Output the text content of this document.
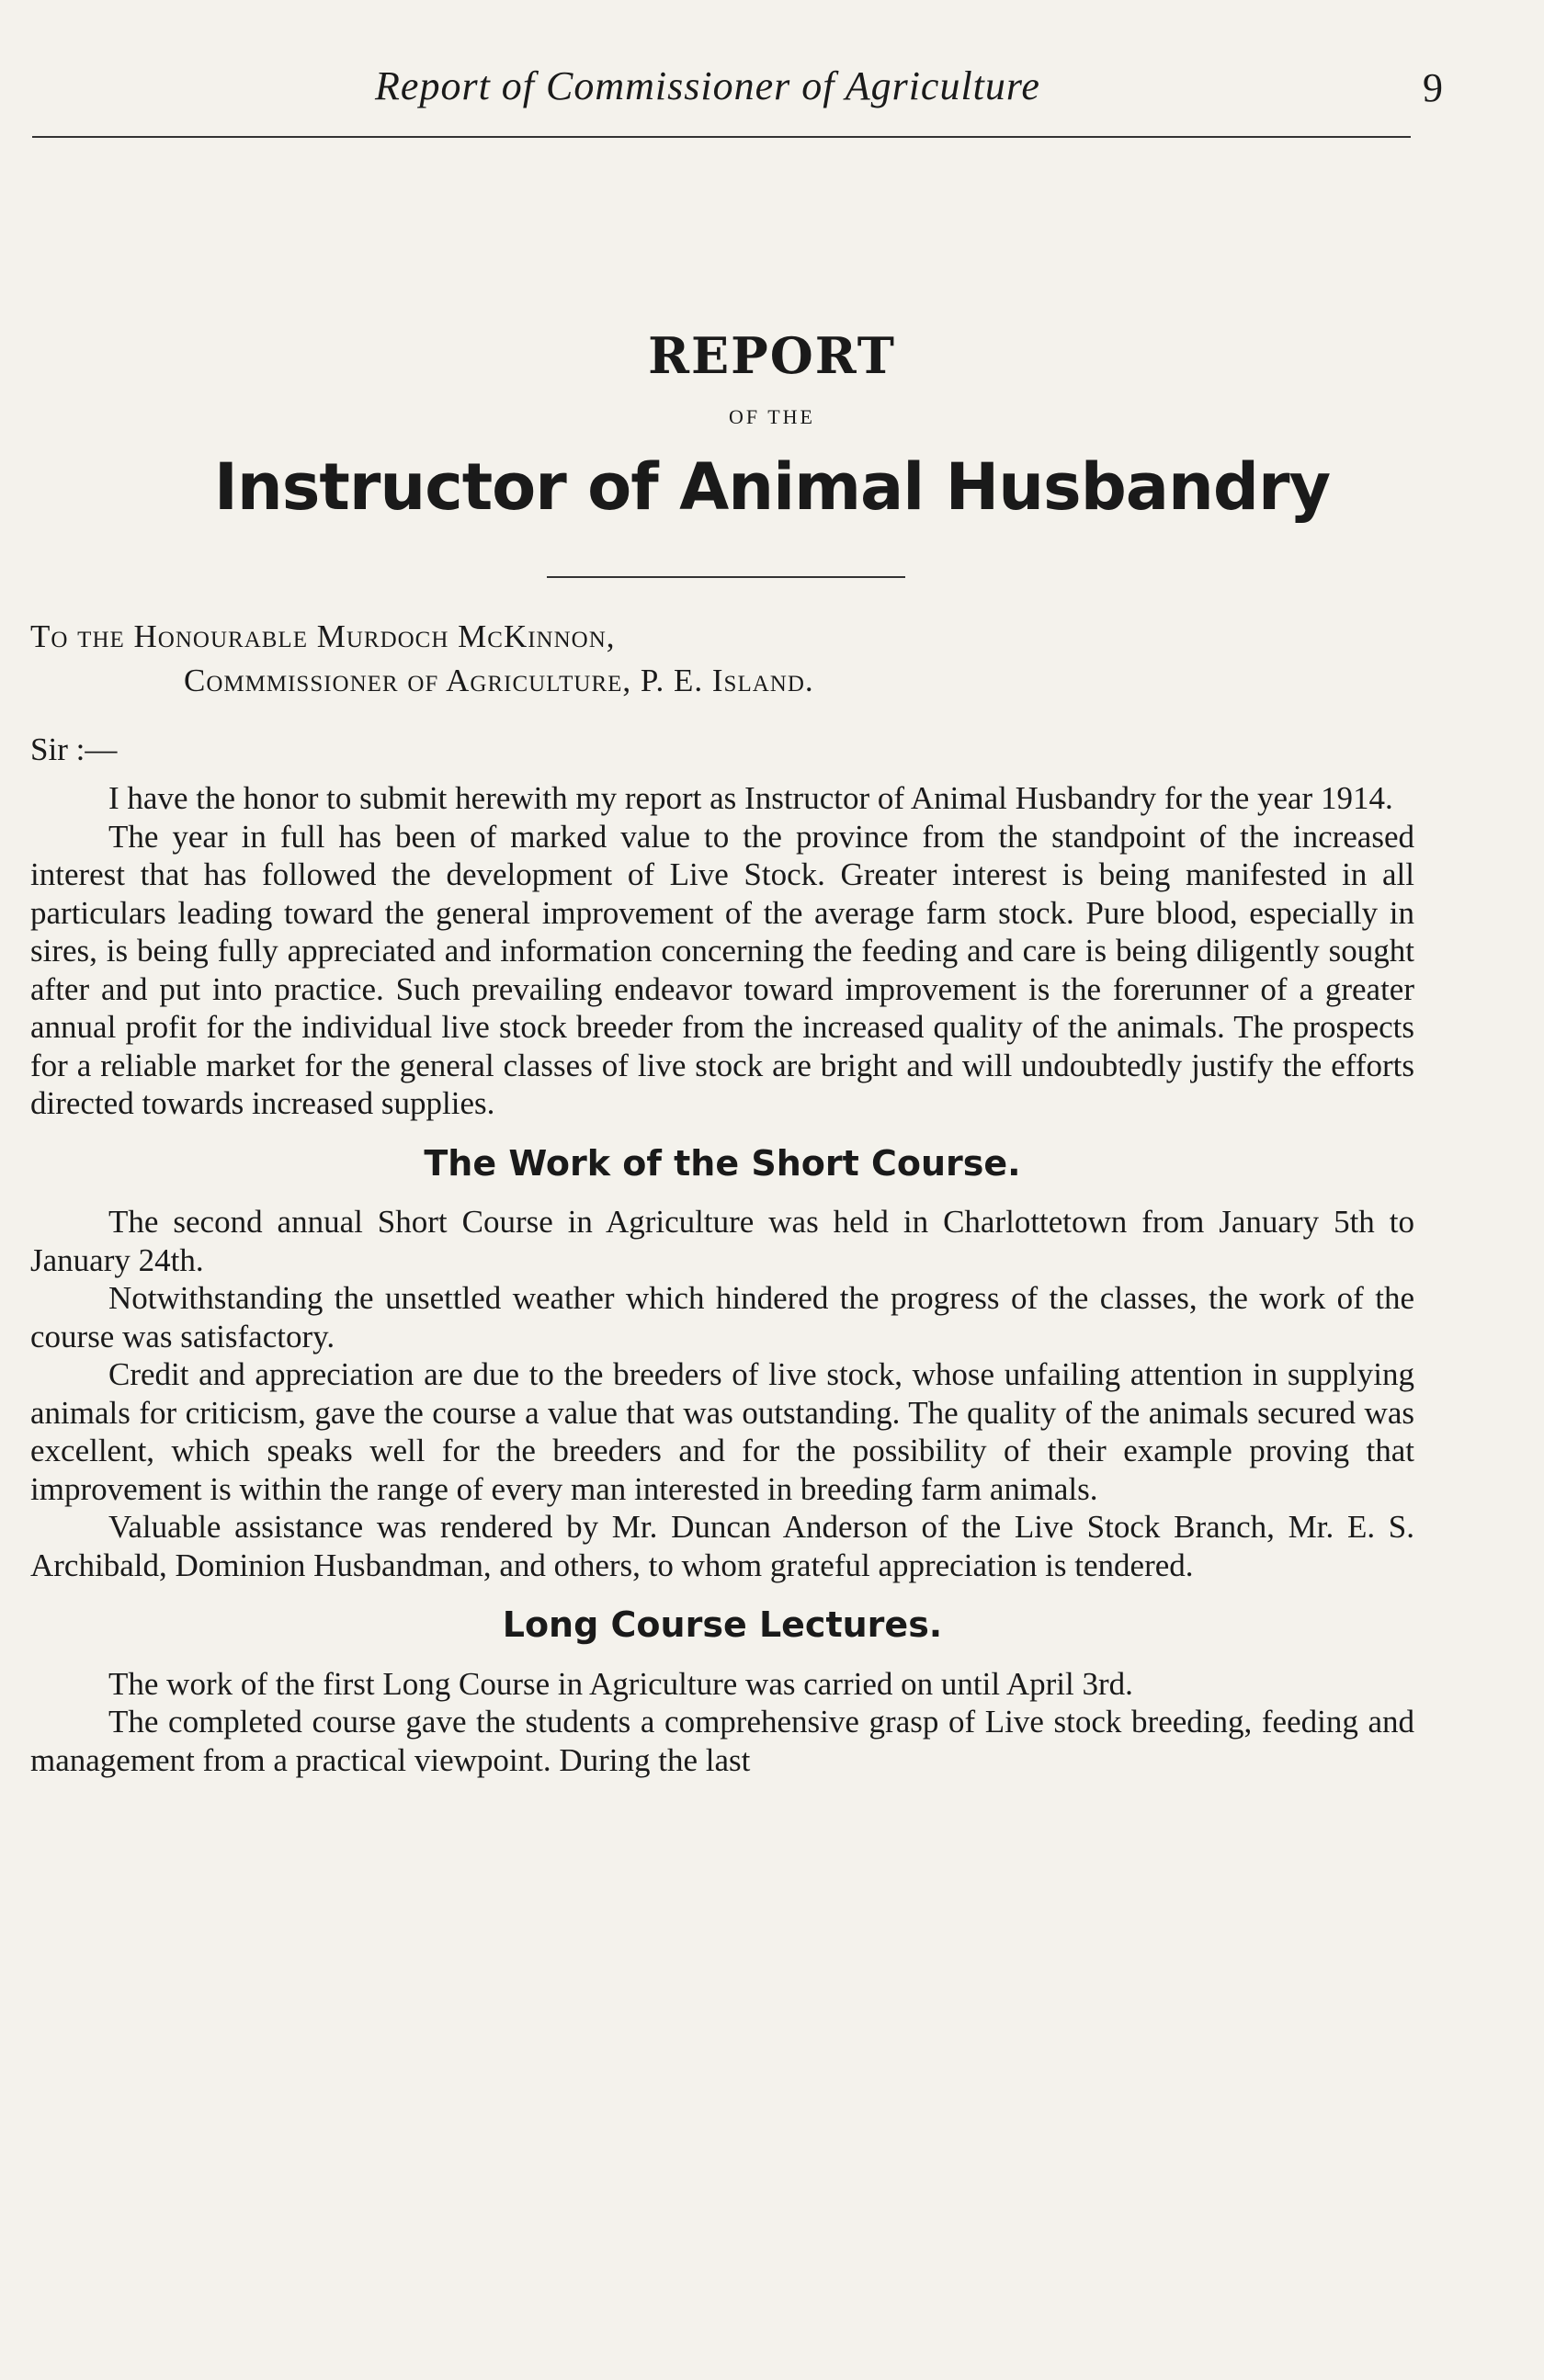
Report of Commissioner of Agriculture	9
REPORT
OF THE
Instructor of Animal Husbandry
To the Honourable Murdoch McKinnon,
Commmissioner of Agriculture, P. E. Island.
Sir :—

I have the honor to submit herewith my report as Instructor of Animal Husbandry for the year 1914.

The year in full has been of marked value to the province from the standpoint of the increased interest that has followed the development of Live Stock. Greater interest is being manifested in all particulars leading toward the general improvement of the average farm stock. Pure blood, especially in sires, is being fully appreciated and information concerning the feeding and care is being diligently sought after and put into practice. Such prevailing endeavor toward improvement is the forerunner of a greater annual profit for the individual live stock breeder from the increased quality of the animals. The prospects for a reliable market for the general classes of live stock are bright and will undoubtedly justify the efforts directed towards increased supplies.

The Work of the Short Course.

The second annual Short Course in Agriculture was held in Charlottetown from January 5th to January 24th.

Notwithstanding the unsettled weather which hindered the progress of the classes, the work of the course was satisfactory.

Credit and appreciation are due to the breeders of live stock, whose unfailing attention in supplying animals for criticism, gave the course a value that was outstanding. The quality of the animals secured was excellent, which speaks well for the breeders and for the possibility of their example proving that improvement is within the range of every man interested in breeding farm animals.

Valuable assistance was rendered by Mr. Duncan Anderson of the Live Stock Branch, Mr. E. S. Archibald, Dominion Husbandman, and others, to whom grateful appreciation is tendered.

Long Course Lectures.

The work of the first Long Course in Agriculture was carried on until April 3rd.

The completed course gave the students a comprehensive grasp of Live stock breeding, feeding and management from a practical viewpoint. During the last
